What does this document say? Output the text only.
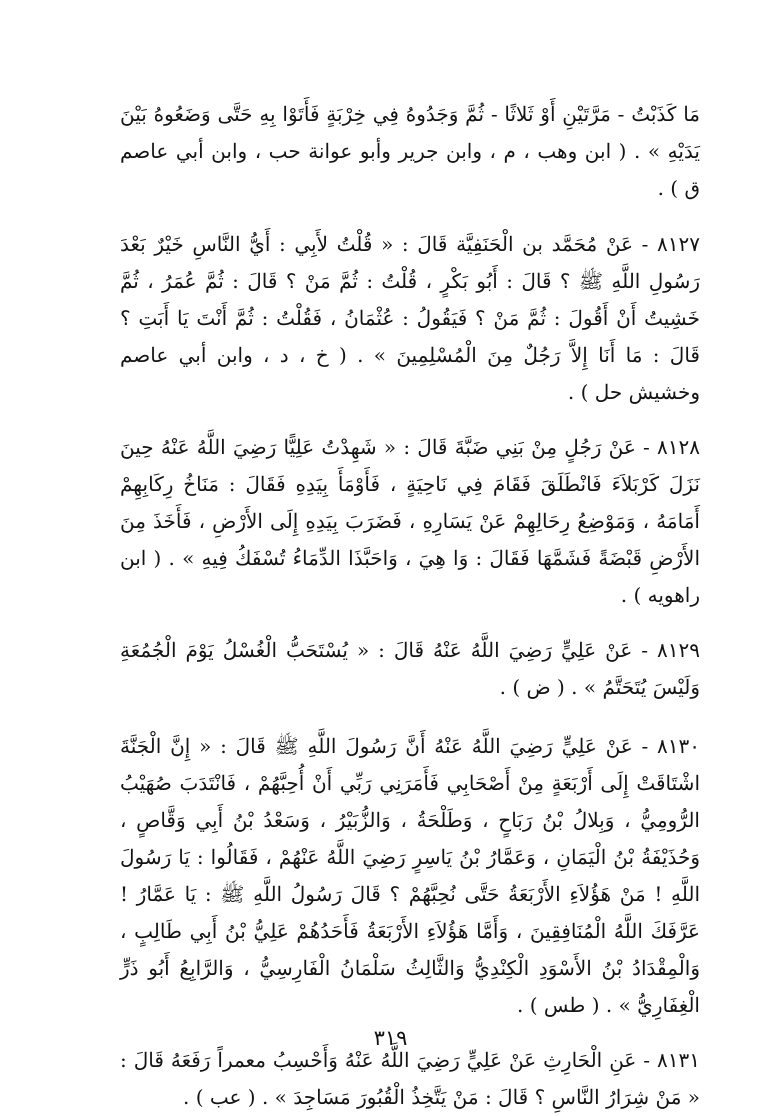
مَا كَذَبْتُ - مَرَّتَيْنِ أَوْ ثَلاثًا - ثُمَّ وَجَدُوهُ فِي خِرْبَةٍ فَأَتَوْا بِهِ حَتَّى وَضَعُوهُ بَيْنَ يَدَيْهِ » . ( ابن وهب ، م ، وابن جرير وأبو عوانة حب ، وابن أبي عاصم ق ) .

٨١٢٧ - عَنْ مُحَمَّد بن الْحَنَفِيَّة قَالَ : « قُلْتُ لأَبِي : أَيُّ النَّاسِ خَيْرٌ بَعْدَ رَسُولِ اللَّهِ ﷺ ؟ قَالَ : أَبُو بَكْرٍ ، قُلْتُ : ثُمَّ مَنْ ؟ قَالَ : ثُمَّ عُمَرُ ، ثُمَّ خَشِيتُ أَنْ أَقُولَ : ثُمَّ مَنْ ؟ فَيَقُولُ : عُثْمَانُ ، فَقُلْتُ : ثُمَّ أَنْتَ يَا أَبَتِ ؟ قَالَ : مَا أَنَا إِلاَّ رَجُلٌ مِنَ الْمُسْلِمِينَ » . ( خ ، د ، وابن أبي عاصم وخشيش حل ) .

٨١٢٨ - عَنْ رَجُلٍ مِنْ بَنِي ضَبَّةَ قَالَ : « شَهِدْتُ عَلِيًّا رَضِيَ اللَّهُ عَنْهُ حِينَ نَزَلَ كَرْبَلاَءَ فَانْطَلَقَ فَقَامَ فِي نَاحِيَةٍ ، فَأَوْمَأَ بِيَدِهِ فَقَالَ : مَنَاخُ رِكَابِهِمْ أَمَامَهُ ، وَمَوْضِعُ رِحَالِهِمْ عَنْ يَسَارِهِ ، فَضَرَبَ بِيَدِهِ إِلَى الأَرْضِ ، فَأَخَذَ مِنَ الأَرْضِ قَبْضَةً فَشَمَّهَا فَقَالَ : وَا هِيَ ، وَاحَبَّذَا الدِّمَاءُ تُسْفَكُ فِيهِ » . ( ابن راهويه ) .

٨١٢٩ - عَنْ عَلِيٍّ رَضِيَ اللَّهُ عَنْهُ قَالَ : « يُسْتَحَبُّ الْغُسْلُ يَوْمَ الْجُمُعَةِ وَلَيْسَ يُتَحَتَّمُ » . ( ض ) .

٨١٣٠ - عَنْ عَلِيٍّ رَضِيَ اللَّهُ عَنْهُ أَنَّ رَسُولَ اللَّهِ ﷺ قَالَ : « إِنَّ الْجَنَّةَ اشْتَاقَتْ إِلَى أَرْبَعَةٍ مِنْ أَصْحَابِي فَأَمَرَنِي رَبِّي أَنْ أُحِبَّهُمْ ، فَانْتَدَبَ صُهَيْبُ الرُّومِيُّ ، وَبِلالُ بْنُ رَبَاحٍ ، وَطَلْحَةُ ، وَالزُّبَيْرُ ، وَسَعْدُ بْنُ أَبِي وَقَّاصٍ ، وَحُذَيْفَةُ بْنُ الْيَمَانِ ، وَعَمَّارُ بْنُ يَاسِرٍ رَضِيَ اللَّهُ عَنْهُمْ ، فَقَالُوا : يَا رَسُولَ اللَّهِ ! مَنْ هَؤُلاَءِ الأَرْبَعَةُ حَتَّى نُحِبَّهُمْ ؟ قَالَ رَسُولُ اللَّهِ ﷺ : يَا عَمَّارُ ! عَرَّفَكَ اللَّهُ الْمُنَافِقِينَ ، وَأَمَّا هَؤُلاَءِ الأَرْبَعَةُ فَأَحَدُهُمْ عَلِيُّ بْنُ أَبِي طَالِبٍ ، وَالْمِقْدَادُ بْنُ الأَسْوَدِ الْكِنْدِيُّ وَالثَّالِثُ سَلْمَانُ الْفَارِسِيُّ ، وَالرَّابِعُ أَبُو ذَرٍّ الْغِفَارِيُّ » . ( طس ) .

٨١٣١ - عَنِ الْحَارِثِ عَنْ عَلِيٍّ رَضِيَ اللَّهُ عَنْهُ وَأَحْسِبُ معمراً رَفَعَهُ قَالَ : « مَنْ شِرَارُ النَّاسِ ؟ قَالَ : مَنْ يَتَّخِذُ الْقُبُورَ مَسَاجِدَ » . ( عب ) .

٣١٩
